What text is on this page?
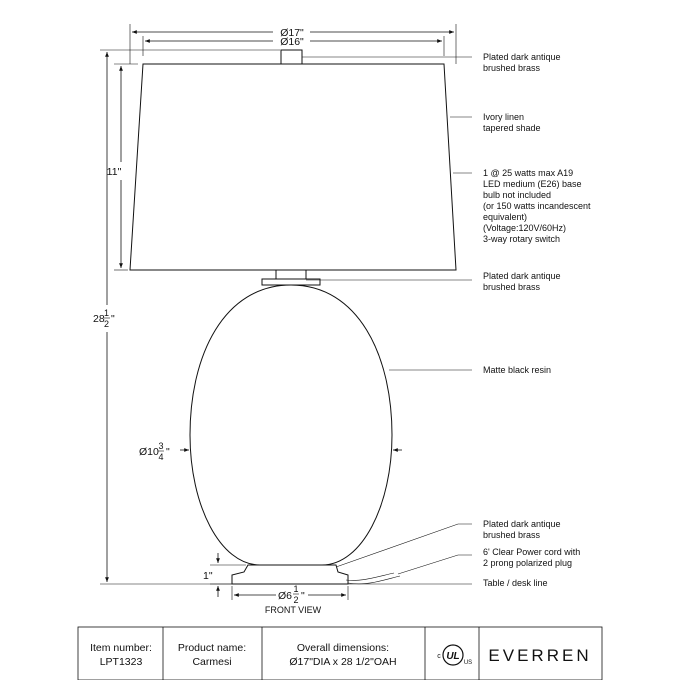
Ø17"
Ø16"
11"
28 1
2 "
Ø10 3
4 "
1"
Ø6
1
2 "
FRONT VIEW
Plated dark antique
brushed brass
Ivory linen
tapered shade
1 @ 25 watts max A19
LED medium (E26) base
bulb not included
(or 150 watts incandescent
equivalent)
(Voltage:120V/60Hz)
3-way rotary switch
Plated dark antique
brushed brass
Matte black resin
Plated dark antique
brushed brass
6' Clear Power cord with
2 prong polarized plug
Table / desk line
Item number:
LPT1323
Product name:
Carmesi
Overall dimensions:
Ø17"DIA x 28 1/2"OAH	UL
c
US EVERREN
